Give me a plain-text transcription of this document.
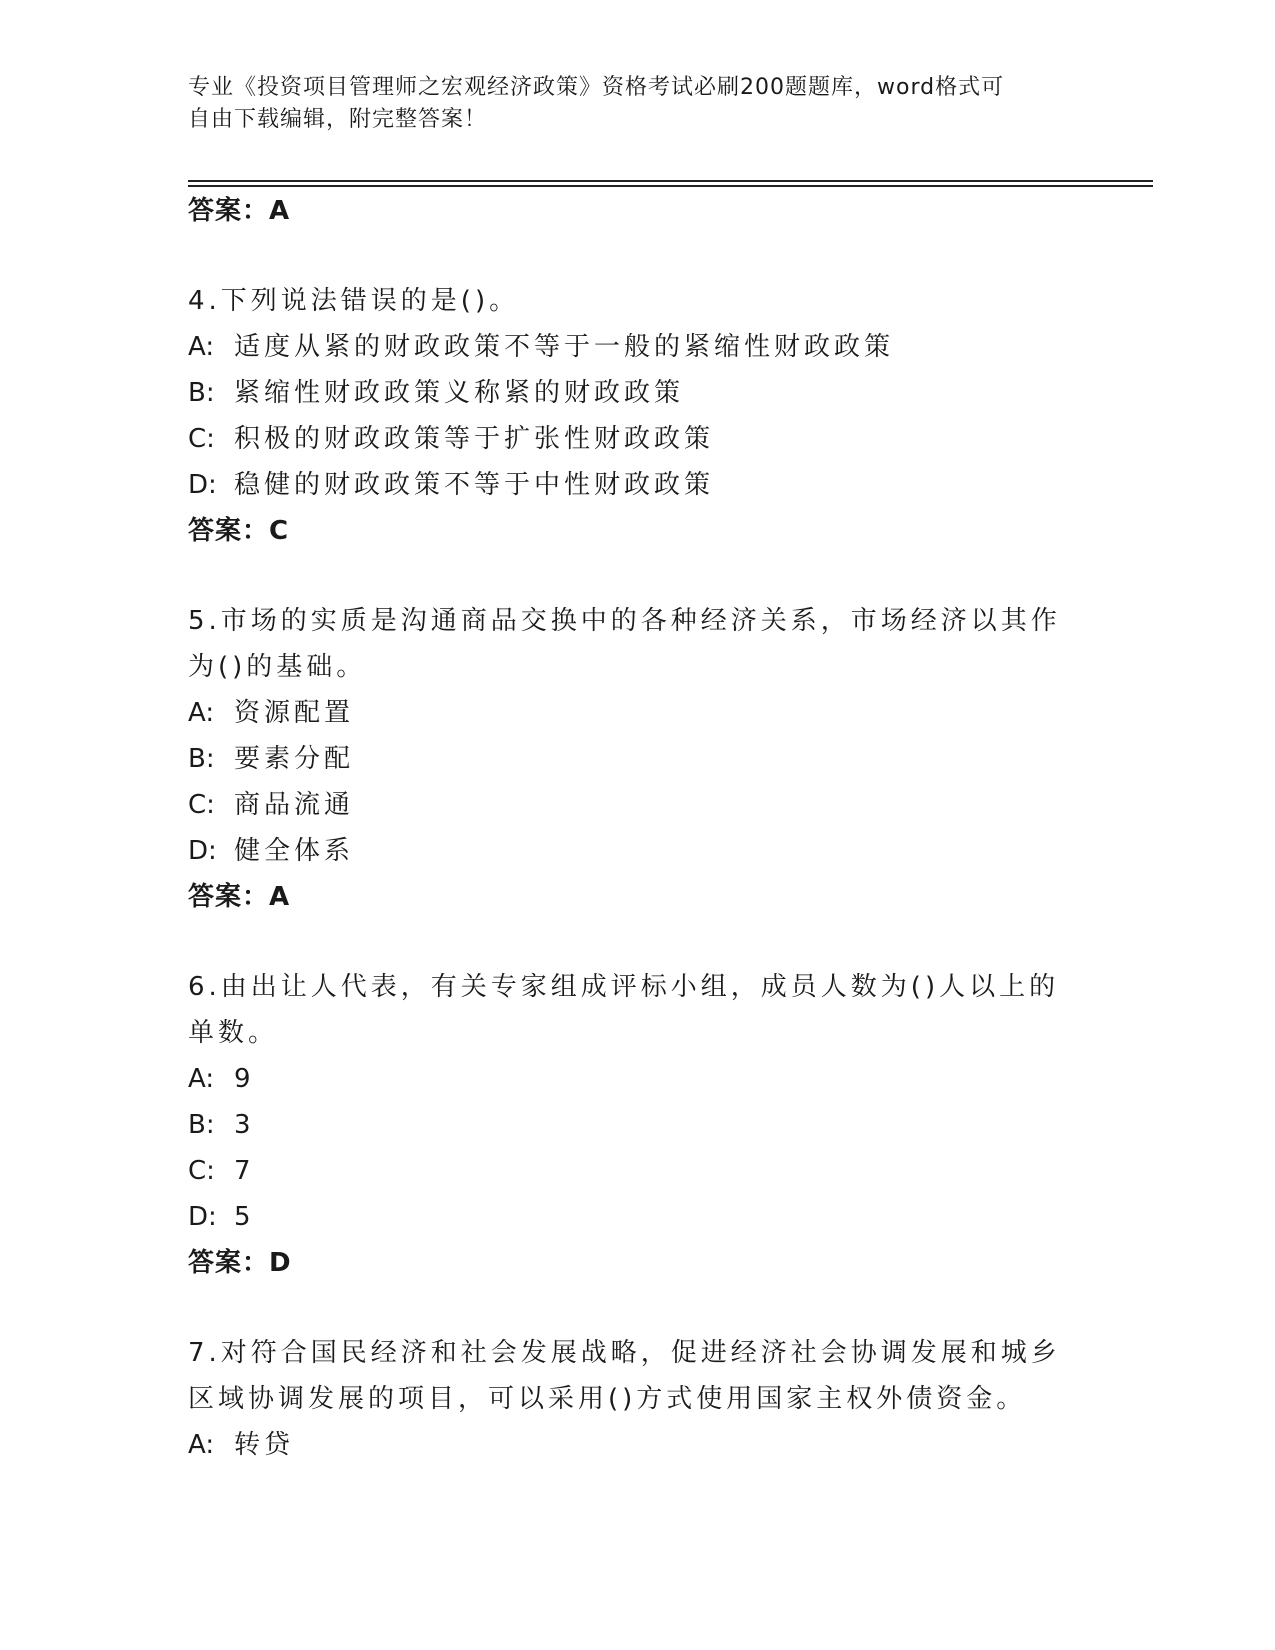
专业《投资项目管理师之宏观经济政策》资格考试必刷200题题库，word格式可
自由下载编辑，附完整答案！
答案：A
4.下列说法错误的是()。
A: 适度从紧的财政政策不等于一般的紧缩性财政政策
B: 紧缩性财政政策义称紧的财政政策
C: 积极的财政政策等于扩张性财政政策
D: 稳健的财政政策不等于中性财政政策
答案：C
5.市场的实质是沟通商品交换中的各种经济关系，市场经济以其作为()的基础。
A: 资源配置
B: 要素分配
C: 商品流通
D: 健全体系
答案：A
6.由出让人代表，有关专家组成评标小组，成员人数为()人以上的单数。
A: 9
B: 3
C: 7
D: 5
答案：D
7.对符合国民经济和社会发展战略，促进经济社会协调发展和城乡区域协调发展的项目，可以采用()方式使用国家主权外债资金。
A: 转贷
